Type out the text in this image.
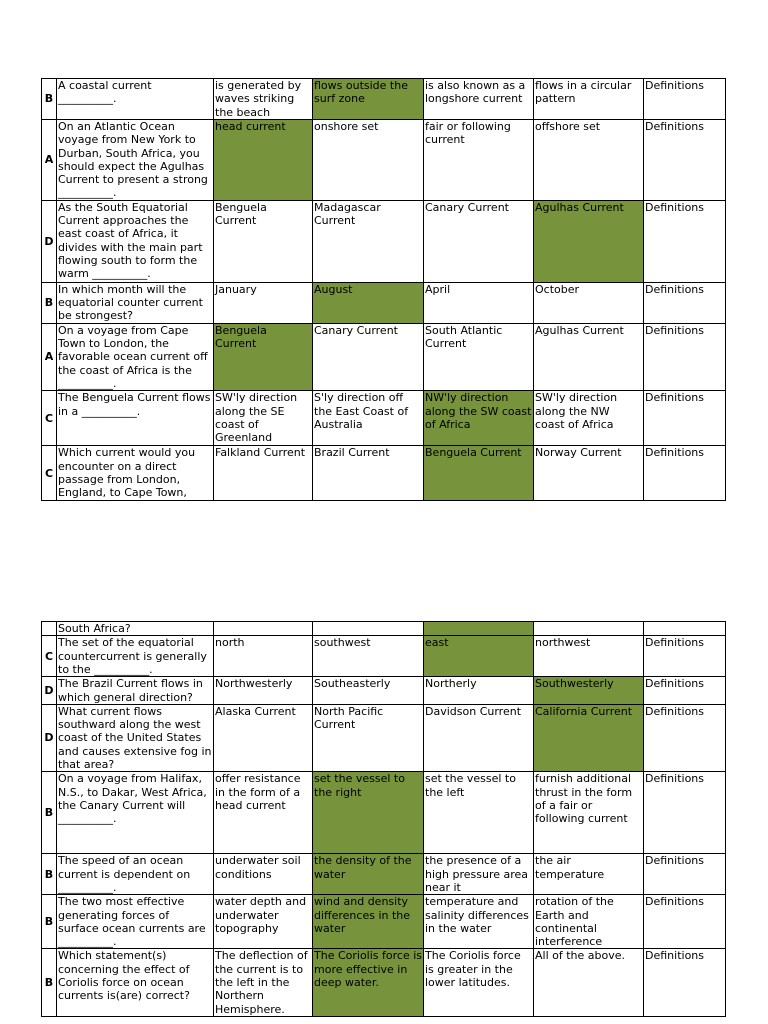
B	A coastal current __________.	is generated by waves striking the beach	flows outside the surf zone	is also known as a longshore current	flows in a circular pattern	Definitions
A	On an Atlantic Ocean voyage from New York to Durban, South Africa, you should expect the Agulhas Current to present a strong __________.	head current	onshore set	fair or following current	offshore set	Definitions
D	As the South Equatorial Current approaches the east coast of Africa, it divides with the main part flowing south to form the warm __________.	Benguela Current	Madagascar Current	Canary Current	Agulhas Current	Definitions
B	In which month will the equatorial counter current be strongest?	January	August	April	October	Definitions
A	On a voyage from Cape Town to London, the favorable ocean current off the coast of Africa is the __________.	Benguela Current	Canary Current	South Atlantic Current	Agulhas Current	Definitions
C	The Benguela Current flows in a __________.	SW'ly direction along the SE coast of Greenland	S'ly direction off the East Coast of Australia	NW'ly direction along the SW coast of Africa	SW'ly direction along the NW coast of Africa	Definitions
C	Which current would you encounter on a direct passage from London, England, to Cape Town,	Falkland Current	Brazil Current	Benguela Current	Norway Current	Definitions
	South Africa?					
C	The set of the equatorial countercurrent is generally to the __________.	north	southwest	east	northwest	Definitions
D	The Brazil Current flows in which general direction?	Northwesterly	Southeasterly	Northerly	Southwesterly	Definitions
D	What current flows southward along the west coast of the United States and causes extensive fog in that area?	Alaska Current	North Pacific Current	Davidson Current	California Current	Definitions
B	On a voyage from Halifax, N.S., to Dakar, West Africa, the Canary Current will __________.	offer resistance in the form of a head current	set the vessel to the right	set the vessel to the left	furnish additional thrust in the form of a fair or following current	Definitions
B	The speed of an ocean current is dependent on __________.	underwater soil conditions	the density of the water	the presence of a high pressure area near it	the air temperature	Definitions
B	The two most effective generating forces of surface ocean currents are __________.	water depth and underwater topography	wind and density differences in the water	temperature and salinity differences in the water	rotation of the Earth and continental interference	Definitions
B	Which statement(s) concerning the effect of Coriolis force on ocean currents is(are) correct?	The deflection of the current is to the left in the Northern Hemisphere.	The Coriolis force is more effective in deep water.	The Coriolis force is greater in the lower latitudes.	All of the above.	Definitions
